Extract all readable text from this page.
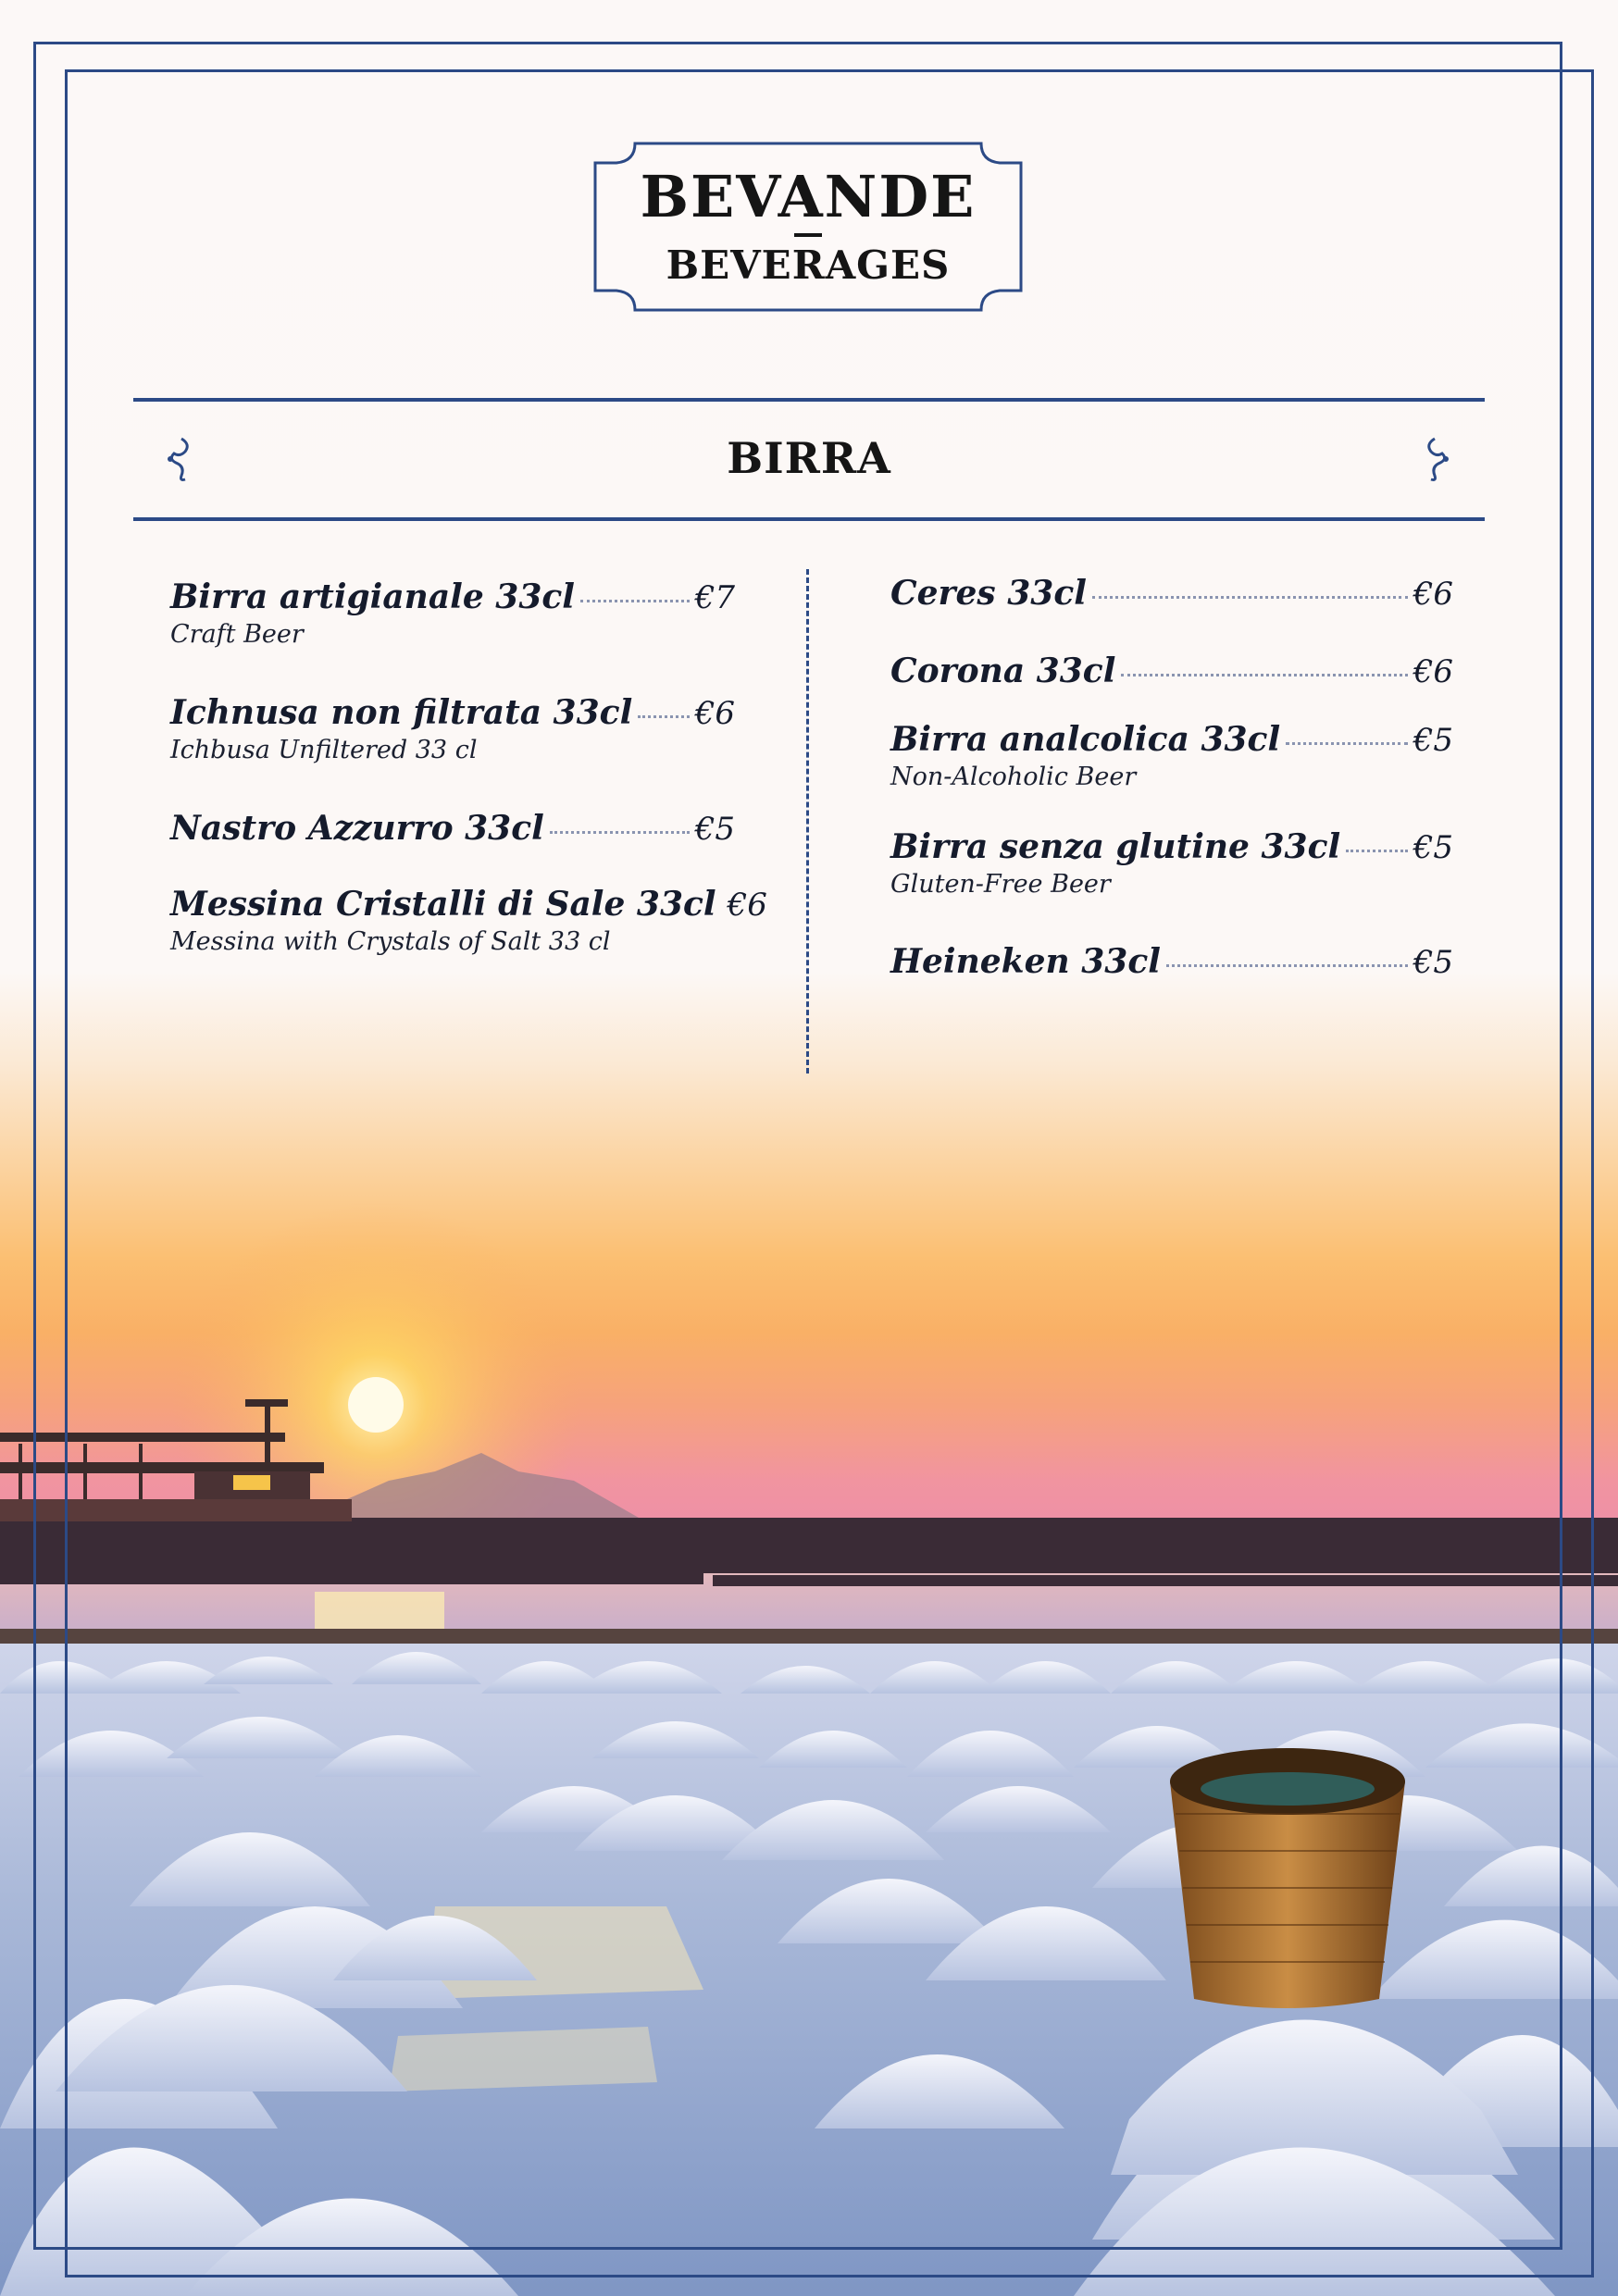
BEVANDE
BEVERAGES
BIRRA
Birra artigianale 33cl	€7
Craft Beer
Ichnusa non filtrata 33cl €6
Ichbusa Unfiltered 33 cl
Nastro Azzurro 33cl	€5
Messina Cristalli di Sale 33cl €6
Messina with Crystals of Salt 33 cl
Ceres 33cl	€6
Corona 33cl	€6
Birra analcolica 33cl	€5
Non-Alcoholic Beer
Birra senza glutine 33cl €5
Gluten-Free Beer
Heineken 33cl	€5
